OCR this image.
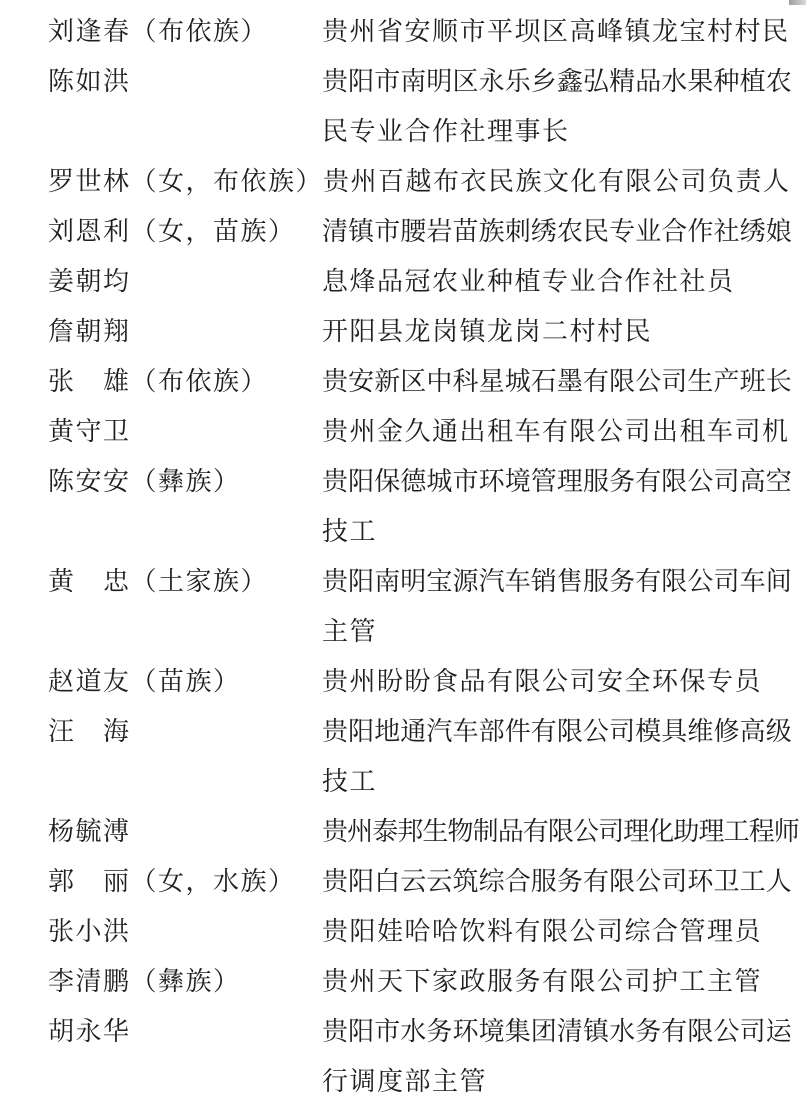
刘逢春（布依族）	贵州省安顺市平坝区高峰镇龙宝村村民
陈如洪	贵阳市南明区永乐乡鑫弘精品水果种植农
民专业合作社理事长
罗世林（女，布依族） 贵州百越布衣民族文化有限公司负责人
刘恩利（女，苗族）	清镇市腰岩苗族刺绣农民专业合作社绣娘
姜朝均	息烽品冠农业种植专业合作社社员
詹朝翔	开阳县龙岗镇龙岗二村村民
张　雄（布依族）	贵安新区中科星城石墨有限公司生产班长
黄守卫	贵州金久通出租车有限公司出租车司机
陈安安（彝族）	贵阳保德城市环境管理服务有限公司高空
技工
黄　忠（土家族）	贵阳南明宝源汽车销售服务有限公司车间
主管
赵道友（苗族）	贵州盼盼食品有限公司安全环保专员
汪　海	贵阳地通汽车部件有限公司模具维修高级
技工
杨毓溥	贵州泰邦生物制品有限公司理化助理工程师
郭　丽（女，水族）	贵阳白云云筑综合服务有限公司环卫工人
张小洪	贵阳娃哈哈饮料有限公司综合管理员
李清鹏（彝族）	贵州天下家政服务有限公司护工主管
胡永华	贵阳市水务环境集团清镇水务有限公司运
行调度部主管
